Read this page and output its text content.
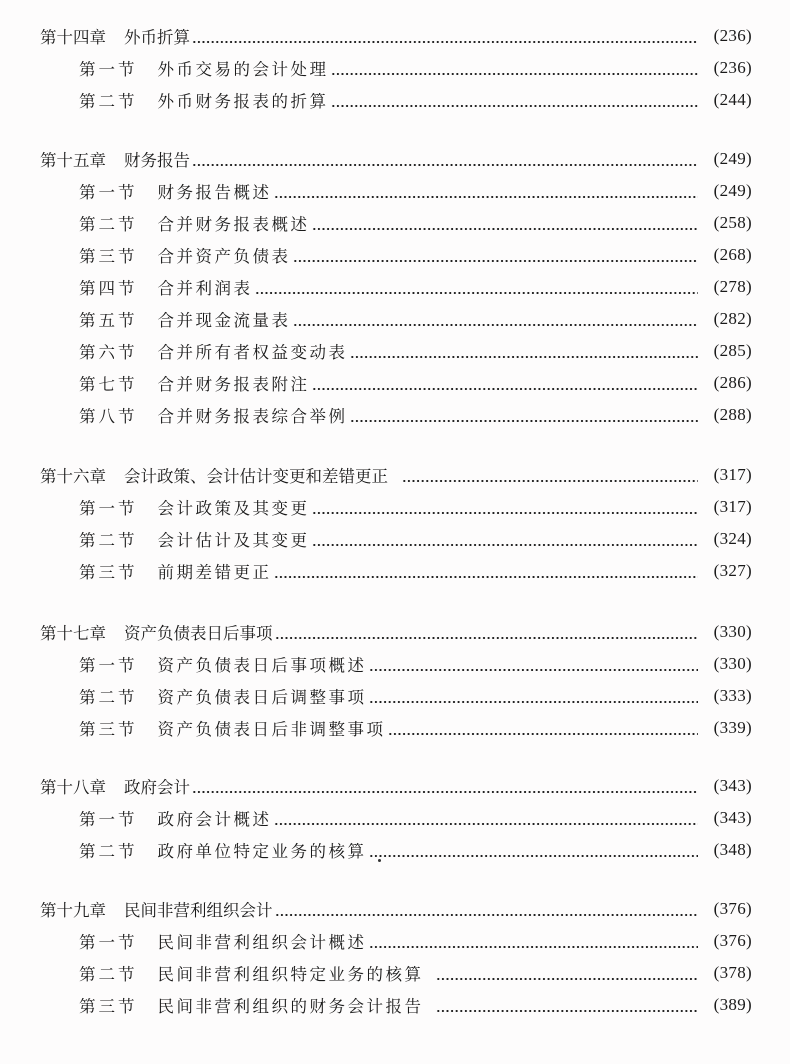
第十四章 外币折算	(236)
第一节 外币交易的会计处理	(236)
第二节 外币财务报表的折算	(244)
第十五章 财务报告	(249)
第一节 财务报告概述	(249)
第二节 合并财务报表概述	(258)
第三节 合并资产负债表	(268)
第四节 合并利润表	(278)
第五节 合并现金流量表	(282)
第六节 合并所有者权益变动表	(285)
第七节 合并财务报表附注	(286)
第八节 合并财务报表综合举例	(288)
第十六章 会计政策、会计估计变更和差错更正	(317)
第一节 会计政策及其变更	(317)
第二节 会计估计及其变更	(324)
第三节 前期差错更正	(327)
第十七章 资产负债表日后事项	(330)
第一节 资产负债表日后事项概述	(330)
第二节 资产负债表日后调整事项	(333)
第三节 资产负债表日后非调整事项	(339)
第十八章 政府会计	(343)
第一节 政府会计概述	(343)
第二节 政府单位特定业务的核算	(348)
第十九章 民间非营利组织会计	(376)
第一节 民间非营利组织会计概述	(376)
第二节 民间非营利组织特定业务的核算	(378)
第三节 民间非营利组织的财务会计报告	(389)
